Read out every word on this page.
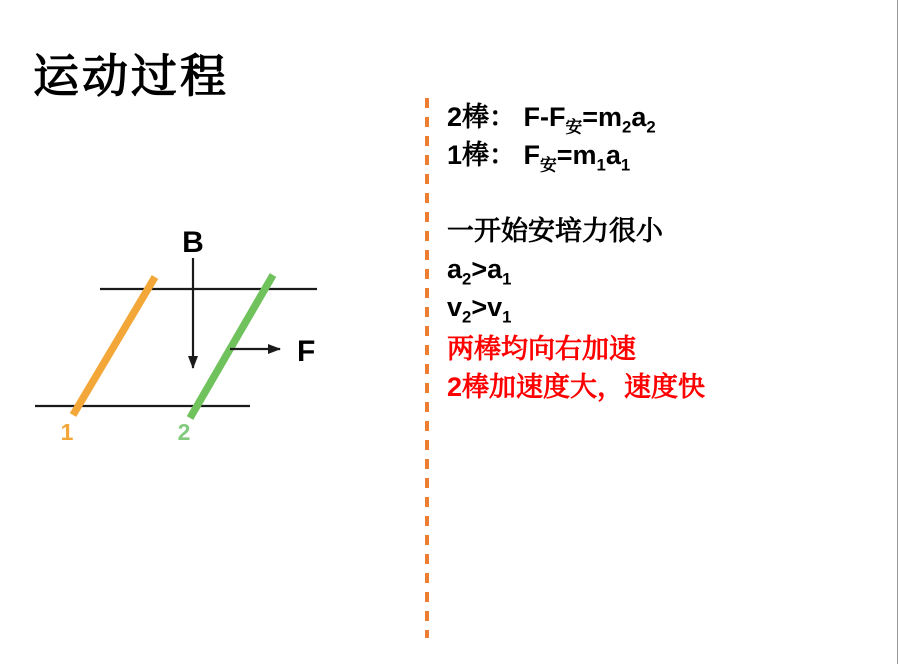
运动过程
B
F
1	2
2棒： $F-F_安=m_2a_2$
1棒： $F_安=m_1a_1$
一开始安培力很小
$a_2>a_1$
$v_2>v_1$
两棒均向右加速
2棒加速度大，速度快
